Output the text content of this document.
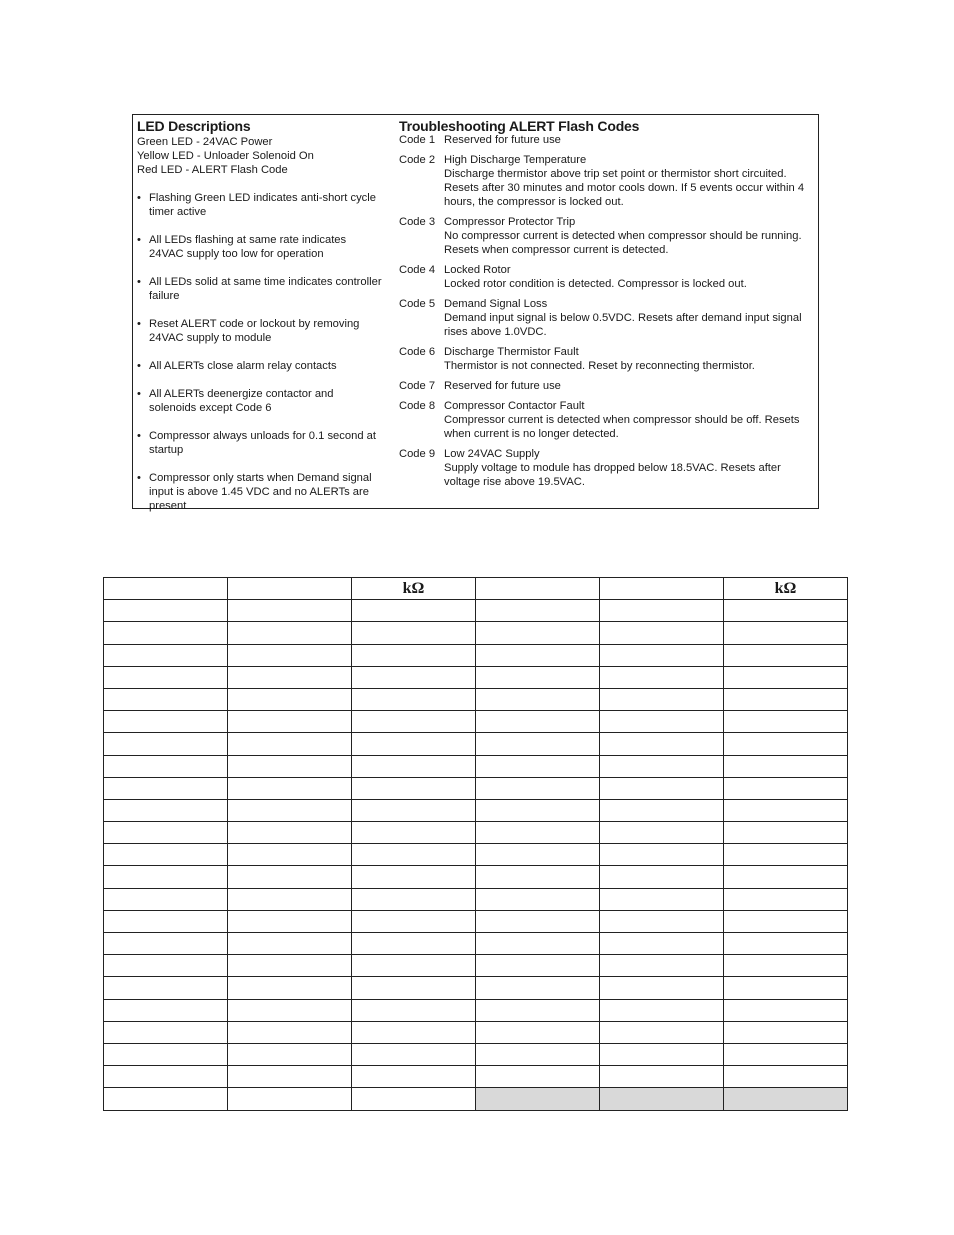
LED Descriptions
Green LED - 24VAC Power
Yellow LED - Unloader Solenoid On
Red LED - ALERT Flash Code
• Flashing Green LED indicates anti-short cycle timer active
• All LEDs flashing at same rate indicates 24VAC supply too low for operation
• All LEDs solid at same time indicates controller failure
• Reset ALERT code or lockout by removing 24VAC supply to module
• All ALERTs close alarm relay contacts
• All ALERTs deenergize contactor and solenoids except Code 6
• Compressor always unloads for 0.1 second at startup
• Compressor only starts when Demand signal input is above 1.45 VDC and no ALERTs are present
Troubleshooting ALERT Flash Codes
Code 1 Reserved for future use
Code 2 High Discharge Temperature
Discharge thermistor above trip set point or thermistor short circuited. Resets after 30 minutes and motor cools down. If 5 events occur within 4 hours, the compressor is locked out.
Code 3 Compressor Protector Trip
No compressor current is detected when compressor should be running. Resets when compressor current is detected.
Code 4 Locked Rotor
Locked rotor condition is detected. Compressor is locked out.
Code 5 Demand Signal Loss
Demand input signal is below 0.5VDC. Resets after demand input signal rises above 1.0VDC.
Code 6 Discharge Thermistor Fault
Thermistor is not connected. Reset by reconnecting thermistor.
Code 7 Reserved for future use
Code 8 Compressor Contactor Fault
Compressor current is detected when compressor should be off. Resets when current is no longer detected.
Code 9 Low 24VAC Supply
Supply voltage to module has dropped below 18.5VAC. Resets after voltage rise above 19.5VAC.
		kΩ			kΩ
